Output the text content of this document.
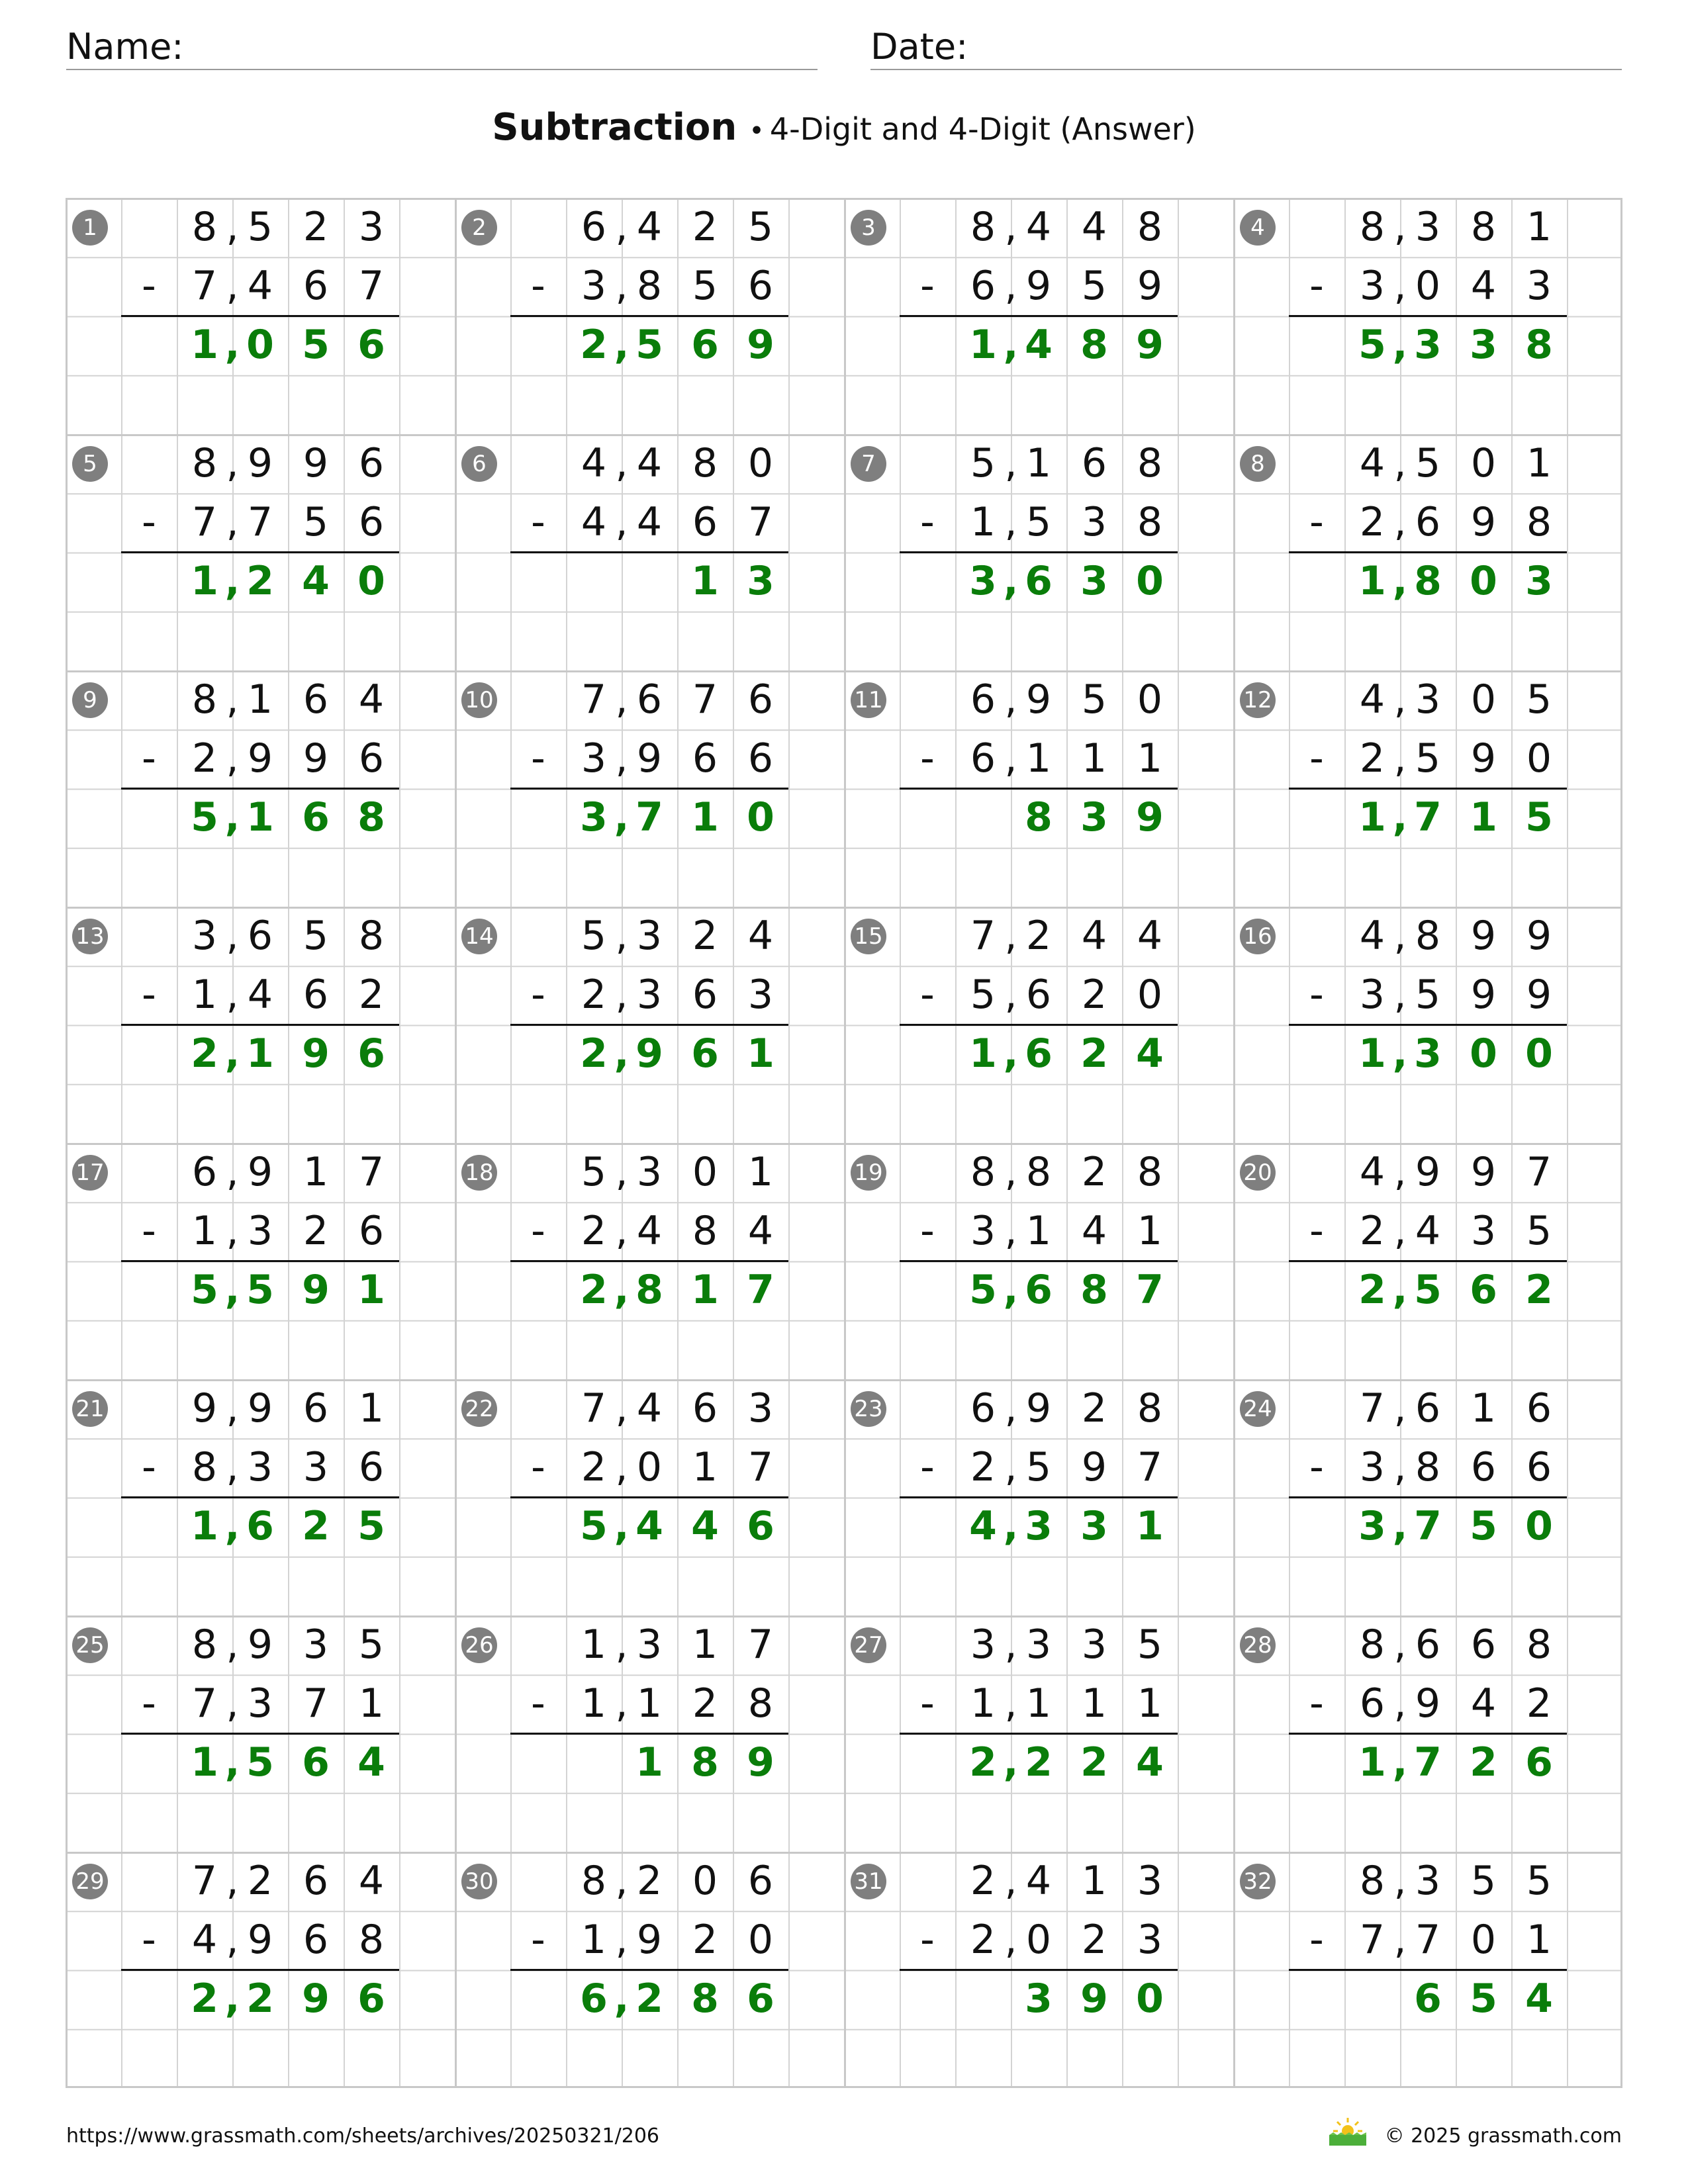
Name:	Date:
Subtraction • 4-Digit and 4-Digit (Answer)
1	8 5 2 3
,
- 7 4 6 7
,
1 0 5 6
,
2	6 4 2 5
,
- 3 8 5 6
,
2 5 6 9
,
3	8 4 4 8
,
- 6 9 5 9
,
1 4 8 9
,
4	8 3 8 1
,
- 3 0 4 3
,
5 3 3 8
,
5	8 9 9 6
,
- 7 7 5 6
,
1 2 4 0
,
6	4 4 8 0
,
- 4 4 6 7
,
1 3
7	5 1 6 8
,
- 1 5 3 8
,
3 6 3 0
,
8	4 5 0 1
,
- 2 6 9 8
,
1 8 0 3
,
9	8 1 6 4
,
- 2 9 9 6
,
5 1 6 8
,
10	7 6 7 6
,
- 3 9 6 6
,
3 7 1 0
,
11	6 9 5 0
,
- 6 1 1 1
,
8 3 9
12	4 3 0 5
,
- 2 5 9 0
,
1 7 1 5
,
13	3 6 5 8
,
- 1 4 6 2
,
2 1 9 6
,
14	5 3 2 4
,
- 2 3 6 3
,
2 9 6 1
,
15	7 2 4 4
,
- 5 6 2 0
,
1 6 2 4
,
16	4 8 9 9
,
- 3 5 9 9
,
1 3 0 0
,
17	6 9 1 7
,
- 1 3 2 6
,
5 5 9 1
,
18	5 3 0 1
,
- 2 4 8 4
,
2 8 1 7
,
19	8 8 2 8
,
- 3 1 4 1
,
5 6 8 7
,
20	4 9 9 7
,
- 2 4 3 5
,
2 5 6 2
,
21	9 9 6 1
,
- 8 3 3 6
,
1 6 2 5
,
22	7 4 6 3
,
- 2 0 1 7
,
5 4 4 6
,
23	6 9 2 8
,
- 2 5 9 7
,
4 3 3 1
,
24	7 6 1 6
,
- 3 8 6 6
,
3 7 5 0
,
25	8 9 3 5
,
- 7 3 7 1
,
1 5 6 4
,
26	1 3 1 7
,
- 1 1 2 8
,
1 8 9
27	3 3 3 5
,
- 1 1 1 1
,
2 2 2 4
,
28	8 6 6 8
,
- 6 9 4 2
,
1 7 2 6
,
29	7 2 6 4
,
- 4 9 6 8
,
2 2 9 6
,
30	8 2 0 6
,
- 1 9 2 0
,
6 2 8 6
,
31	2 4 1 3
,
- 2 0 2 3
,
3 9 0
32	8 3 5 5
,
- 7 7 0 1
,
6 5 4
https://www.grassmath.com/sheets/archives/20250321/206	© 2025 grassmath.com
